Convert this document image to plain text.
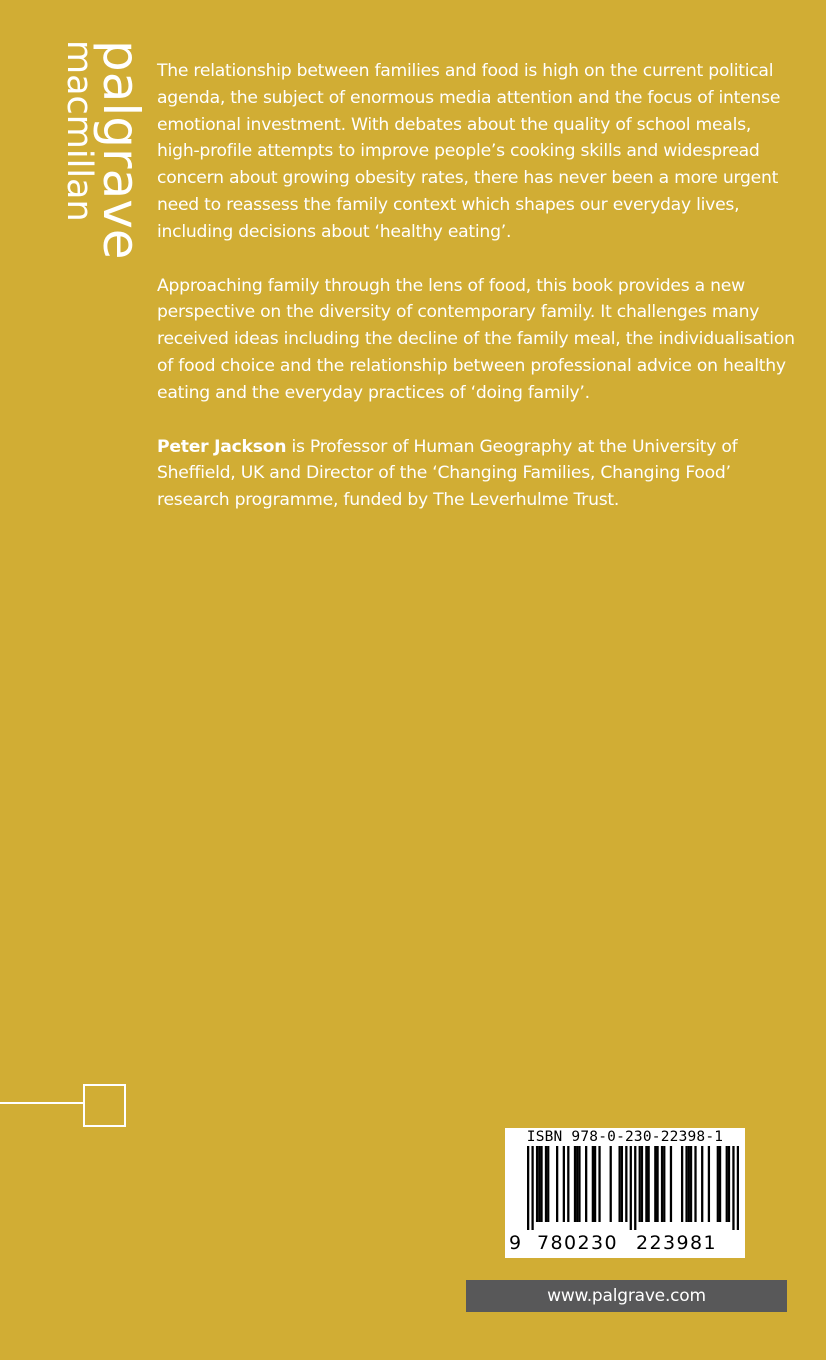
palgrave
macmillan	The relationship between families and food is high on the current political agenda, the subject of enormous media attention and the focus of intense emotional investment. With debates about the quality of school meals, high-profile attempts to improve people’s cooking skills and widespread concern about growing obesity rates, there has never been a more urgent need to reassess the family context which shapes our everyday lives, including decisions about ‘healthy eating’.

Approaching family through the lens of food, this book provides a new perspective on the diversity of contemporary family. It challenges many received ideas including the decline of the family meal, the individualisation of food choice and the relationship between professional advice on healthy eating and the everyday practices of ‘doing family’.

Peter Jackson is Professor of Human Geography at the University of Sheffield, UK and Director of the ‘Changing Families, Changing Food’ research programme, funded by The Leverhulme Trust.

ISBN 978-0-230-22398-1
9 780230 223981
www.palgrave.com
